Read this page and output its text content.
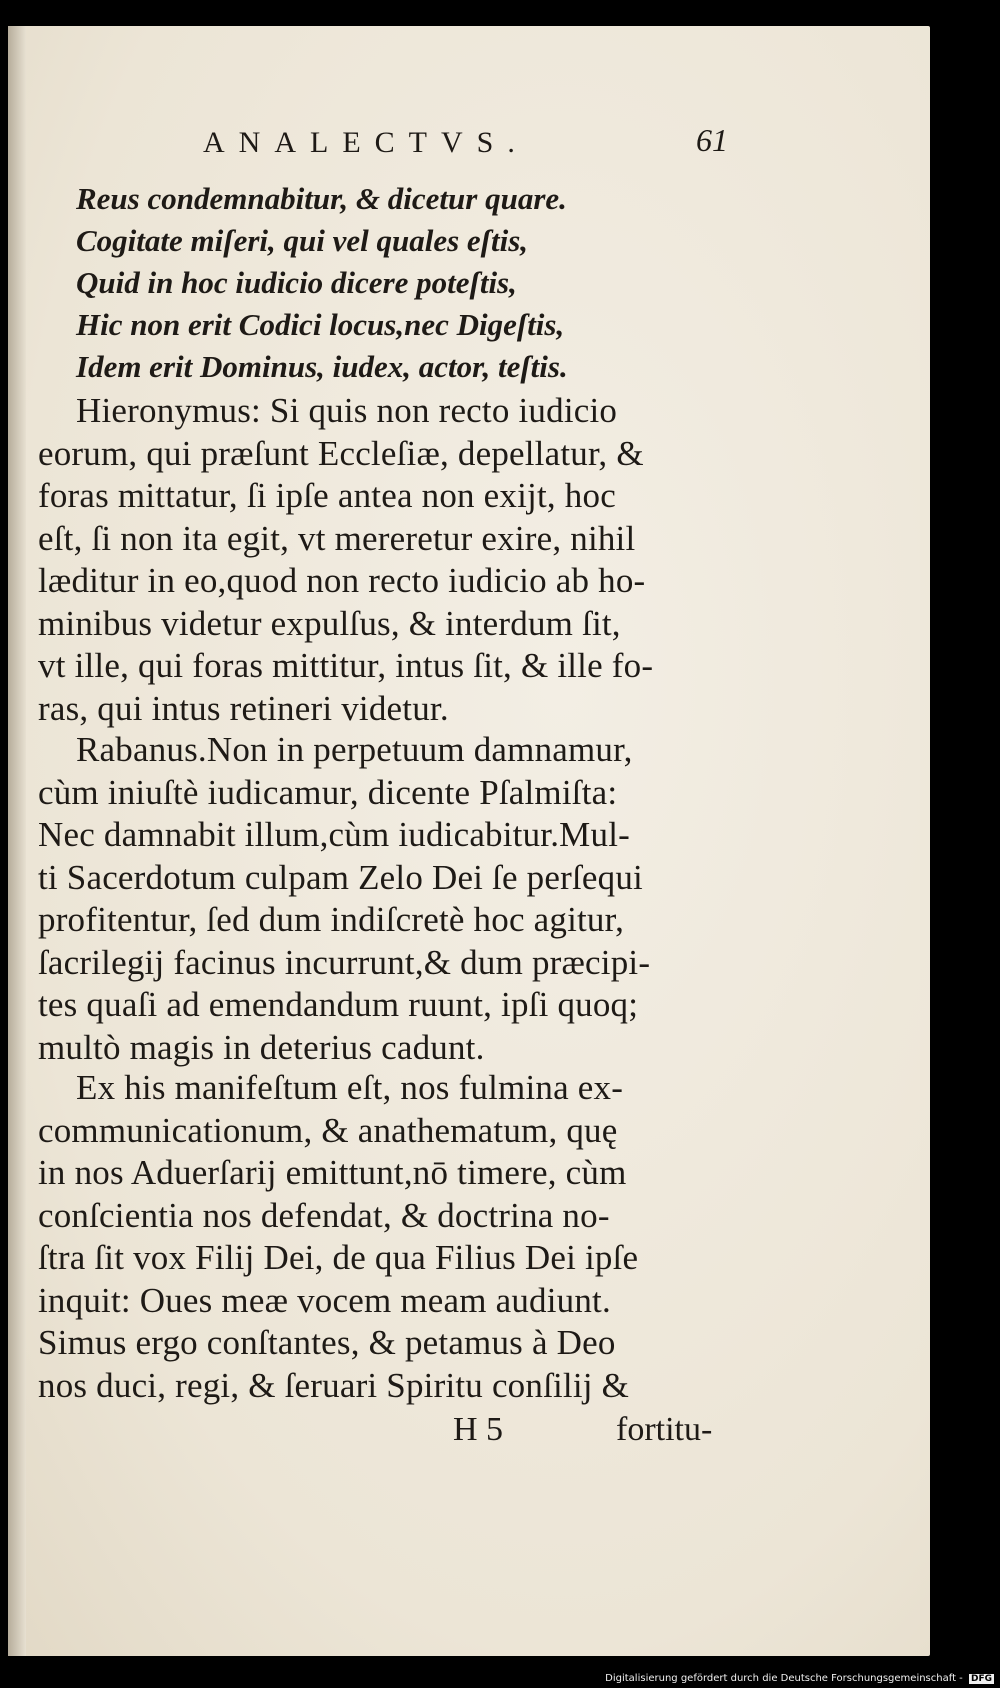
ANALECTVS.	61
Reus condemnabitur, & dicetur quare.
Cogitate miſeri, qui vel quales eſtis,
Quid in hoc iudicio dicere poteſtis,
Hic non erit Codici locus,nec Digeſtis,
Idem erit Dominus, iudex, actor, teſtis.
Hieronymus: Si quis non recto iudicio
eorum, qui præſunt Eccleſiæ, depellatur, &
foras mittatur, ſi ipſe antea non exijt, hoc
eſt, ſi non ita egit, vt mereretur exire, nihil
læditur in eo,quod non recto iudicio ab ho-
minibus videtur expulſus, & interdum ſit,
vt ille, qui foras mittitur, intus ſit, & ille fo-
ras, qui intus retineri videtur.
Rabanus.Non in perpetuum damnamur,
cùm iniuſtè iudicamur, dicente Pſalmiſta:
Nec damnabit illum,cùm iudicabitur.Mul-
ti Sacerdotum culpam Zelo Dei ſe perſequi
profitentur, ſed dum indiſcretè hoc agitur,
ſacrilegij facinus incurrunt,& dum præcipi-
tes quaſi ad emendandum ruunt, ipſi quoq;
multò magis in deterius cadunt.
Ex his manifeſtum eſt, nos fulmina ex-
communicationum, & anathematum, quę
in nos Aduerſarij emittunt,nō timere, cùm
conſcientia nos defendat, & doctrina no-
ſtra ſit vox Filij Dei, de qua Filius Dei ipſe
inquit: Oues meæ vocem meam audiunt.
Simus ergo conſtantes, & petamus à Deo
nos duci, regi, & ſeruari Spiritu conſilij &
H 5	fortitu-
Digitalisierung gefördert durch die Deutsche Forschungsgemeinschaft - DFG
